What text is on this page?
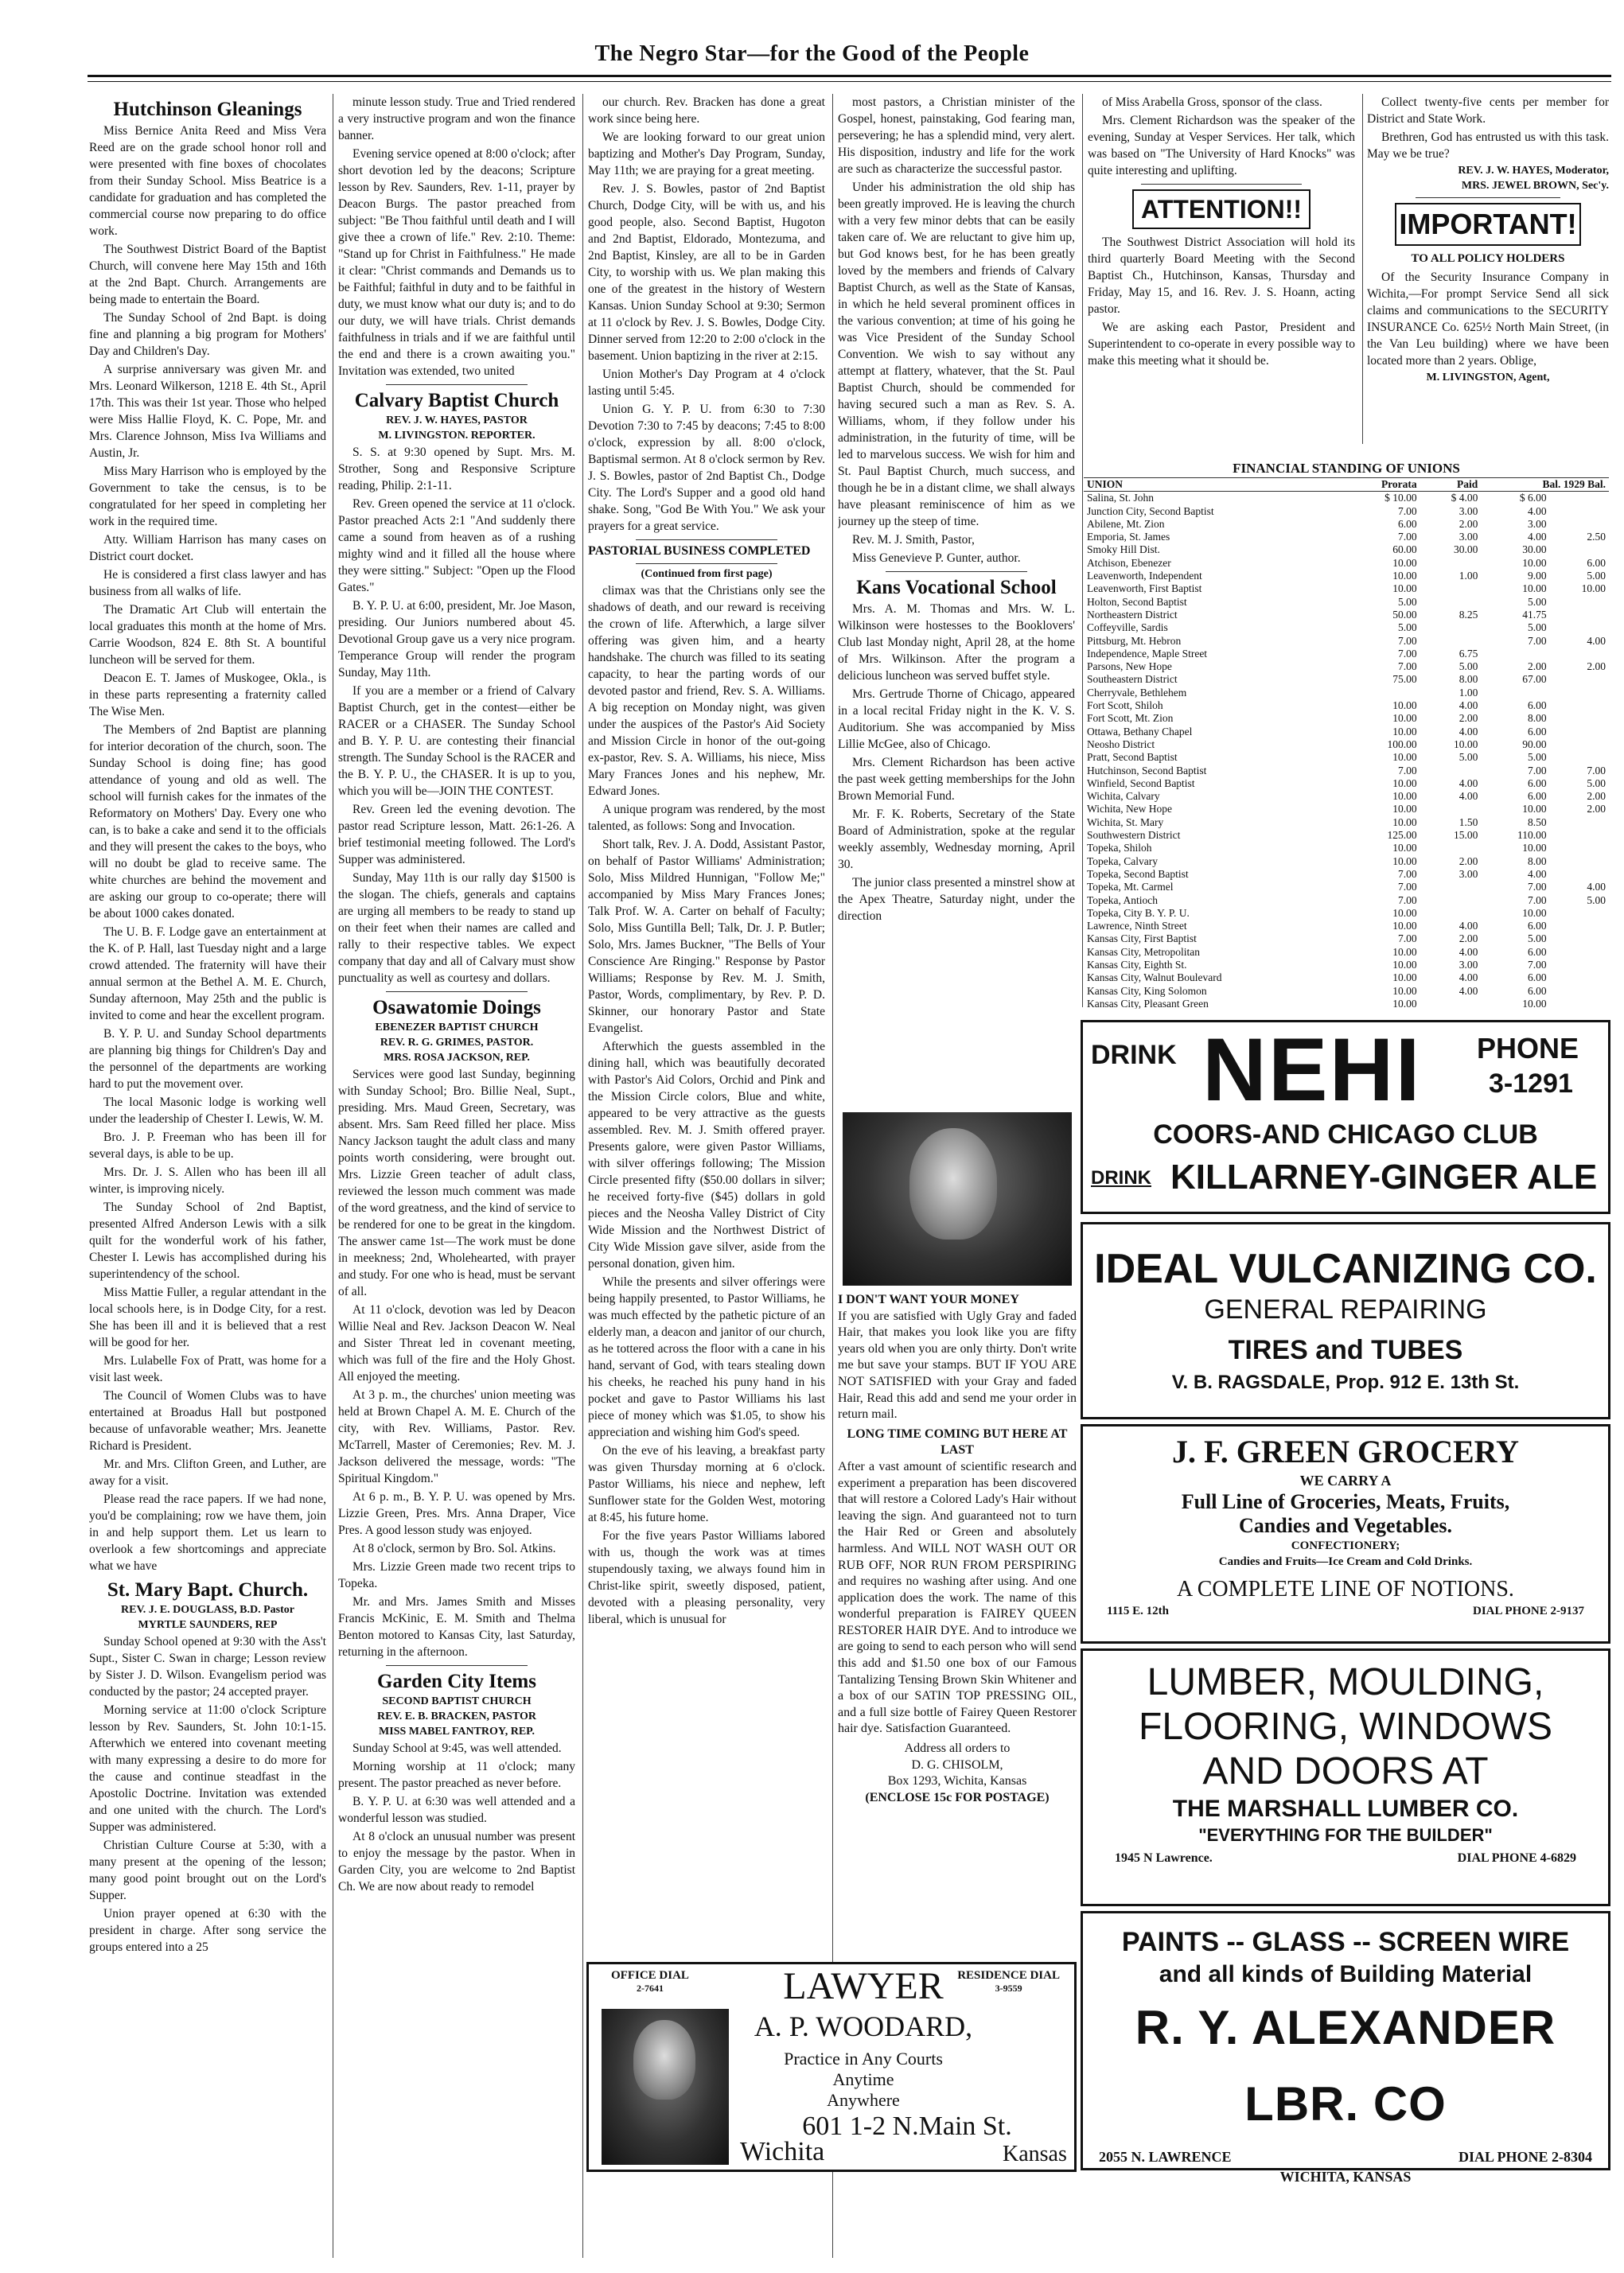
The Negro Star—for the Good of the People
Hutchinson Gleanings

Miss Bernice Anita Reed and Miss Vera Reed are on the grade school honor roll and were presented with fine boxes of chocolates from their Sunday School. Miss Beatrice is a candidate for graduation and has completed the commercial course now preparing to do office work.

The Southwest District Board of the Baptist Church, will convene here May 15th and 16th at the 2nd Bapt. Church. Arrangements are being made to entertain the Board.

The Sunday School of 2nd Bapt. is doing fine and planning a big program for Mothers' Day and Children's Day.

A surprise anniversary was given Mr. and Mrs. Leonard Wilkerson, 1218 E. 4th St., April 17th. This was their 1st year. Those who helped were Miss Hallie Floyd, K. C. Pope, Mr. and Mrs. Clarence Johnson, Miss Iva Williams and Austin, Jr.

Miss Mary Harrison who is employed by the Government to take the census, is to be congratulated for her speed in completing her work in the required time.

Atty. William Harrison has many cases on District court docket.

He is considered a first class lawyer and has business from all walks of life.

The Dramatic Art Club will entertain the local graduates this month at the home of Mrs. Carrie Woodson, 824 E. 8th St. A bountiful luncheon will be served for them.

Deacon E. T. James of Muskogee, Okla., is in these parts representing a fraternity called The Wise Men.

The Members of 2nd Baptist are planning for interior decoration of the church, soon. The Sunday School is doing fine; has good attendance of young and old as well. The school will furnish cakes for the inmates of the Reformatory on Mothers' Day. Every one who can, is to bake a cake and send it to the officials and they will present the cakes to the boys, who will no doubt be glad to receive same. The white churches are behind the movement and are asking our group to co-operate; there will be about 1000 cakes donated.

The U. B. F. Lodge gave an entertainment at the K. of P. Hall, last Tuesday night and a large crowd attended. The fraternity will have their annual sermon at the Bethel A. M. E. Church, Sunday afternoon, May 25th and the public is invited to come and hear the excellent program.

B. Y. P. U. and Sunday School departments are planning big things for Children's Day and the personnel of the departments are working hard to put the movement over.

The local Masonic lodge is working well under the leadership of Chester I. Lewis, W. M.

Bro. J. P. Freeman who has been ill for several days, is able to be up.

Mrs. Dr. J. S. Allen who has been ill all winter, is improving nicely.

The Sunday School of 2nd Baptist, presented Alfred Anderson Lewis with a silk quilt for the wonderful work of his father, Chester I. Lewis has accomplished during his superintendency of the school.

Miss Mattie Fuller, a regular attendant in the local schools here, is in Dodge City, for a rest. She has been ill and it is believed that a rest will be good for her.

Mrs. Lulabelle Fox of Pratt, was home for a visit last week.

The Council of Women Clubs was to have entertained at Broadus Hall but postponed because of unfavorable weather; Mrs. Jeanette Richard is President.

Mr. and Mrs. Clifton Green, and Luther, are away for a visit.

Please read the race papers. If we had none, you'd be complaining; row we have them, join in and help support them. Let us learn to overlook a few shortcomings and appreciate what we have

St. Mary Bapt. Church.

REV. J. E. DOUGLASS, B.D. Pastor

MYRTLE SAUNDERS, REP

Sunday School opened at 9:30 with the Ass't Supt., Sister C. Swan in charge; Lesson review by Sister J. D. Wilson. Evangelism period was conducted by the pastor; 24 accepted prayer.

Morning service at 11:00 o'clock Scripture lesson by Rev. Saunders, St. John 10:1-15. Afterwhich we entered into covenant meeting with many expressing a desire to do more for the cause and continue steadfast in the Apostolic Doctrine. Invitation was extended and one united with the church. The Lord's Supper was administered.

Christian Culture Course at 5:30, with a many present at the opening of the lesson; many good point brought out on the Lord's Supper.

Union prayer opened at 6:30 with the president in charge. After song service the groups entered into a 25

minute lesson study. True and Tried rendered a very instructive program and won the finance banner.

Evening service opened at 8:00 o'clock; after short devotion led by the deacons; Scripture lesson by Rev. Saunders, Rev. 1-11, prayer by Deacon Burgs. The pastor preached from subject: "Be Thou faithful until death and I will give thee a crown of life." Rev. 2:10. Theme: "Stand up for Christ in Faithfulness." He made it clear: "Christ commands and Demands us to be Faithful; faithful in duty and to be faithful in duty, we must know what our duty is; and to do our duty, we will have trials. Christ demands faithfulness in trials and if we are faithful until the end and there is a crown awaiting you." Invitation was extended, two united

Calvary Baptist Church

REV. J. W. HAYES, PASTOR

M. LIVINGSTON. REPORTER.

S. S. at 9:30 opened by Supt. Mrs. M. Strother, Song and Responsive Scripture reading, Philip. 2:1-11.

Rev. Green opened the service at 11 o'clock. Pastor preached Acts 2:1 "And suddenly there came a sound from heaven as of a rushing mighty wind and it filled all the house where they were sitting." Subject: "Open up the Flood Gates."

B. Y. P. U. at 6:00, president, Mr. Joe Mason, presiding. Our Juniors numbered about 45. Devotional Group gave us a very nice program. Temperance Group will render the program Sunday, May 11th.

If you are a member or a friend of Calvary Baptist Church, get in the contest—either be RACER or a CHASER. The Sunday School and B. Y. P. U. are contesting their financial strength. The Sunday School is the RACER and the B. Y. P. U., the CHASER. It is up to you, which you will be—JOIN THE CONTEST.

Rev. Green led the evening devotion. The pastor read Scripture lesson, Matt. 26:1-26. A brief testimonial meeting followed. The Lord's Supper was administered.

Sunday, May 11th is our rally day $1500 is the slogan. The chiefs, generals and captains are urging all members to be ready to stand up on their feet when their names are called and rally to their respective tables. We expect company that day and all of Calvary must show punctuality as well as courtesy and dollars.

Osawatomie Doings

EBENEZER BAPTIST CHURCH

REV. R. G. GRIMES, PASTOR.

MRS. ROSA JACKSON, REP.

Services were good last Sunday, beginning with Sunday School; Bro. Billie Neal, Supt., presiding. Mrs. Maud Green, Secretary, was absent. Mrs. Sam Reed filled her place. Miss Nancy Jackson taught the adult class and many points worth considering, were brought out. Mrs. Lizzie Green teacher of adult class, reviewed the lesson much comment was made of the word greatness, and the kind of service to be rendered for one to be great in the kingdom. The answer came 1st—The work must be done in meekness; 2nd, Wholehearted, with prayer and study. For one who is head, must be servant of all.

At 11 o'clock, devotion was led by Deacon Willie Neal and Rev. Jackson Deacon W. Neal and Sister Threat led in covenant meeting, which was full of the fire and the Holy Ghost. All enjoyed the meeting.

At 3 p. m., the churches' union meeting was held at Brown Chapel A. M. E. Church of the city, with Rev. Williams, Pastor. Rev. McTarrell, Master of Ceremonies; Rev. M. J. Jackson delivered the message, words: "The Spiritual Kingdom."

At 6 p. m., B. Y. P. U. was opened by Mrs. Lizzie Green, Pres. Mrs. Anna Draper, Vice Pres. A good lesson study was enjoyed.

At 8 o'clock, sermon by Bro. Sol. Atkins.

Mrs. Lizzie Green made two recent trips to Topeka.

Mr. and Mrs. James Smith and Misses Francis McKinic, E. M. Smith and Thelma Benton motored to Kansas City, last Saturday, returning in the afternoon.

Garden City Items

SECOND BAPTIST CHURCH

REV. E. B. BRACKEN, PASTOR

MISS MABEL FANTROY, REP.

Sunday School at 9:45, was well attended.

Morning worship at 11 o'clock; many present. The pastor preached as never before.

B. Y. P. U. at 6:30 was well attended and a wonderful lesson was studied.

At 8 o'clock an unusual number was present to enjoy the message by the pastor. When in Garden City, you are welcome to 2nd Baptist Ch. We are now about ready to remodel

our church. Rev. Bracken has done a great work since being here.

We are looking forward to our great union baptizing and Mother's Day Program, Sunday, May 11th; we are praying for a great meeting.

Rev. J. S. Bowles, pastor of 2nd Baptist Church, Dodge City, will be with us, and his good people, also. Second Baptist, Hugoton and 2nd Baptist, Eldorado, Montezuma, and 2nd Baptist, Kinsley, are all to be in Garden City, to worship with us. We plan making this one of the greatest in the history of Western Kansas. Union Sunday School at 9:30; Sermon at 11 o'clock by Rev. J. S. Bowles, Dodge City. Dinner served from 12:20 to 2:00 o'clock in the basement. Union baptizing in the river at 2:15.

Union Mother's Day Program at 4 o'clock lasting until 5:45.

Union G. Y. P. U. from 6:30 to 7:30 Devotion 7:30 to 7:45 by deacons; 7:45 to 8:00 o'clock, expression by all. 8:00 o'clock, Baptismal sermon. At 8 o'clock sermon by Rev. J. S. Bowles, pastor of 2nd Baptist Ch., Dodge City. The Lord's Supper and a good old hand shake. Song, "God Be With You." We ask your prayers for a great service.

PASTORIAL BUSINESS COMPLETED

(Continued from first page)

climax was that the Christians only see the shadows of death, and our reward is receiving the crown of life. Afterwhich, a large silver offering was given him, and a hearty handshake. The church was filled to its seating capacity, to hear the parting words of our devoted pastor and friend, Rev. S. A. Williams. A big reception on Monday night, was given under the auspices of the Pastor's Aid Society and Mission Circle in honor of the out-going ex-pastor, Rev. S. A. Williams, his niece, Miss Mary Frances Jones and his nephew, Mr. Edward Jones.

A unique program was rendered, by the most talented, as follows: Song and Invocation.

Short talk, Rev. J. A. Dodd, Assistant Pastor, on behalf of Pastor Williams' Administration; Solo, Miss Mildred Hunnigan, "Follow Me;" accompanied by Miss Mary Frances Jones; Talk Prof. W. A. Carter on behalf of Faculty; Solo, Miss Guntilla Bell; Talk, Dr. J. P. Butler; Solo, Mrs. James Buckner, "The Bells of Your Conscience Are Ringing." Response by Pastor Williams; Response by Rev. M. J. Smith, Pastor, Words, complimentary, by Rev. P. D. Skinner, our honorary Pastor and State Evangelist.

Afterwhich the guests assembled in the dining hall, which was beautifully decorated with Pastor's Aid Colors, Orchid and Pink and the Mission Circle colors, Blue and white, appeared to be very attractive as the guests assembled. Rev. M. J. Smith offered prayer. Presents galore, were given Pastor Williams, with silver offerings following; The Mission Circle presented fifty ($50.00 dollars in silver; he received forty-five ($45) dollars in gold pieces and the Neosha Valley District of City Wide Mission and the Northwest District of City Wide Mission gave silver, aside from the personal donation, given him.

While the presents and silver offerings were being happily presented, to Pastor Williams, he was much effected by the pathetic picture of an elderly man, a deacon and janitor of our church, as he tottered across the floor with a cane in his hand, servant of God, with tears stealing down his cheeks, he reached his puny hand in his pocket and gave to Pastor Williams his last piece of money which was $1.05, to show his appreciation and wishing him God's speed.

On the eve of his leaving, a breakfast party was given Thursday morning at 6 o'clock. Pastor Williams, his niece and nephew, left Sunflower state for the Golden West, motoring at 8:45, his future home.

For the five years Pastor Williams labored with us, though the work was at times stupendously taxing, we always found him in Christ-like spirit, sweetly disposed, patient, devoted with a pleasing personality, very liberal, which is unusual for

most pastors, a Christian minister of the Gospel, honest, painstaking, God fearing man, persevering; he has a splendid mind, very alert. His disposition, industry and life for the work are such as characterize the successful pastor.

Under his administration the old ship has been greatly improved. He is leaving the church with a very few minor debts that can be easily taken care of. We are reluctant to give him up, but God knows best, for he has been greatly loved by the members and friends of Calvary Baptist Church, as well as the State of Kansas, in which he held several prominent offices in the various convention; at time of his going he was Vice President of the Sunday School Convention. We wish to say without any attempt at flattery, whatever, that the St. Paul Baptist Church, should be commended for having secured such a man as Rev. S. A. Williams, whom, if they follow under his administration, in the futurity of time, will be led to marvelous success. We wish for him and St. Paul Baptist Church, much success, and though he be in a distant clime, we shall always have pleasant reminiscence of him as we journey up the steep of time.

Rev. M. J. Smith, Pastor,

Miss Genevieve P. Gunter, author.

Kans Vocational School

Mrs. A. M. Thomas and Mrs. W. L. Wilkinson were hostesses to the Booklovers' Club last Monday night, April 28, at the home of Mrs. Wilkinson. After the program a delicious luncheon was served buffet style.

Mrs. Gertrude Thorne of Chicago, appeared in a local recital Friday night in the K. V. S. Auditorium. She was accompanied by Miss Lillie McGee, also of Chicago.

Mrs. Clement Richardson has been active the past week getting memberships for the John Brown Memorial Fund.

Mr. F. K. Roberts, Secretary of the State Board of Administration, spoke at the regular weekly assembly, Wednesday morning, April 30.

The junior class presented a minstrel show at the Apex Theatre, Saturday night, under the direction

of Miss Arabella Gross, sponsor of the class.

Mrs. Clement Richardson was the speaker of the evening, Sunday at Vesper Services. Her talk, which was based on "The University of Hard Knocks" was quite interesting and uplifting.

ATTENTION!!

The Southwest District Association will hold its third quarterly Board Meeting with the Second Baptist Ch., Hutchinson, Kansas, Thursday and Friday, May 15, and 16. Rev. J. S. Hoann, acting pastor.

We are asking each Pastor, President and Superintendent to co-operate in every possible way to make this meeting what it should be.

Collect twenty-five cents per member for District and State Work.

Brethren, God has entrusted us with this task. May we be true?

REV. J. W. HAYES, Moderator,

MRS. JEWEL BROWN, Sec'y.

IMPORTANT!

TO ALL POLICY HOLDERS

Of the Security Insurance Company in Wichita,—For prompt Service Send all sick claims and communications to the SECURITY INSURANCE Co. 625½ North Main Street, (in the Van Leu building) where we have been located more than 2 years. Oblige,

M. LIVINGSTON, Agent,

FINANCIAL STANDING OF UNIONS
UNION	Prorata	Paid	Bal. 1929 Bal.	
Salina, St. John	$ 10.00	$ 4.00	$ 6.00	
Junction City, Second Baptist	7.00	3.00	4.00	
Abilene, Mt. Zion	6.00	2.00	3.00	
Emporia, St. James	7.00	3.00	4.00	2.50
Smoky Hill Dist.	60.00	30.00	30.00	
Atchison, Ebenezer	10.00		10.00	6.00
Leavenworth, Independent	10.00	1.00	9.00	5.00
Leavenworth, First Baptist	10.00		10.00	10.00
Holton, Second Baptist	5.00		5.00	
Northeastern District	50.00	8.25	41.75	
Coffeyville, Sardis	5.00		5.00	
Pittsburg, Mt. Hebron	7.00		7.00	4.00
Independence, Maple Street	7.00	6.75		
Parsons, New Hope	7.00	5.00	2.00	2.00
Southeastern District	75.00	8.00	67.00	
Cherryvale, Bethlehem		1.00		
Fort Scott, Shiloh	10.00	4.00	6.00	
Fort Scott, Mt. Zion	10.00	2.00	8.00	
Ottawa, Bethany Chapel	10.00	4.00	6.00	
Neosho District	100.00	10.00	90.00	
Pratt, Second Baptist	10.00	5.00	5.00	
Hutchinson, Second Baptist	7.00		7.00	7.00
Winfield, Second Baptist	10.00	4.00	6.00	5.00
Wichita, Calvary	10.00	4.00	6.00	2.00
Wichita, New Hope	10.00		10.00	2.00
Wichita, St. Mary	10.00	1.50	8.50	
Southwestern District	125.00	15.00	110.00	
Topeka, Shiloh	10.00		10.00	
Topeka, Calvary	10.00	2.00	8.00	
Topeka, Second Baptist	7.00	3.00	4.00	
Topeka, Mt. Carmel	7.00		7.00	4.00
Topeka, Antioch	7.00		7.00	5.00
Topeka, City B. Y. P. U.	10.00		10.00	
Lawrence, Ninth Street	10.00	4.00	6.00	
Kansas City, First Baptist	7.00	2.00	5.00	
Kansas City, Metropolitan	10.00	4.00	6.00	
Kansas City, Eighth St.	10.00	3.00	7.00	
Kansas City, Walnut Boulevard	10.00	4.00	6.00	
Kansas City, King Solomon	10.00	4.00	6.00	
Kansas City, Pleasant Green	10.00		10.00	

DRINK NEHI PHONE
3-1291
COORS-AND CHICAGO CLUB
DRINK KILLARNEY-GINGER ALE
IDEAL VULCANIZING CO.
GENERAL REPAIRING
TIRES and TUBES
V. B. RAGSDALE, Prop. 912 E. 13th St.
J. F. GREEN GROCERY
WE CARRY A
Full Line of Groceries, Meats, Fruits,
Candies and Vegetables.
CONFECTIONERY;
Candies and Fruits—Ice Cream and Cold Drinks.
A COMPLETE LINE OF NOTIONS.
1115 E. 12th	DIAL PHONE 2-9137
LUMBER, MOULDING,
FLOORING, WINDOWS
AND DOORS AT
THE MARSHALL LUMBER CO.
"EVERYTHING FOR THE BUILDER"
1945 N Lawrence.	DIAL PHONE 4-6829
PAINTS -- GLASS -- SCREEN WIRE
and all kinds of Building Material
R. Y. ALEXANDER LBR. CO
2055 N. LAWRENCE	DIAL PHONE 2-8304
WICHITA, KANSAS
I DON'T WANT YOUR MONEY
If you are satisfied with Ugly Gray and faded Hair, that makes you look like you are fifty years old when you are only thirty. Don't write me but save your stamps. BUT IF YOU ARE NOT SATISFIED with your Gray and faded Hair, Read this add and send me your order in return mail.
LONG TIME COMING BUT HERE AT LAST
After a vast amount of scientific research and experiment a preparation has been discovered that will restore a Colored Lady's Hair without leaving the sign. And guaranteed not to turn the Hair Red or Green and absolutely harmless. And WILL NOT WASH OUT OR RUB OFF, NOR RUN FROM PERSPIRING and requires no washing after using. And one application does the work. The name of this wonderful preparation is FAIREY QUEEN RESTORER HAIR DYE. And to introduce we are going to send to each person who will send this add and $1.50 one box of our Famous Tantalizing Tensing Brown Skin Whitener and a box of our SATIN TOP PRESSING OIL, and a full size bottle of Fairey Queen Restorer hair dye. Satisfaction Guaranteed.
Address all orders to
D. G. CHISOLM,
Box 1293, Wichita, Kansas
(ENCLOSE 15c FOR POSTAGE)
OFFICE DIAL
2-7641
RESIDENCE DIAL
3-9559
LAWYER
A. P. WOODARD,
Practice in Any Courts
Anytime
Anywhere
601 1-2 N.Main St.
Wichita	Kansas
